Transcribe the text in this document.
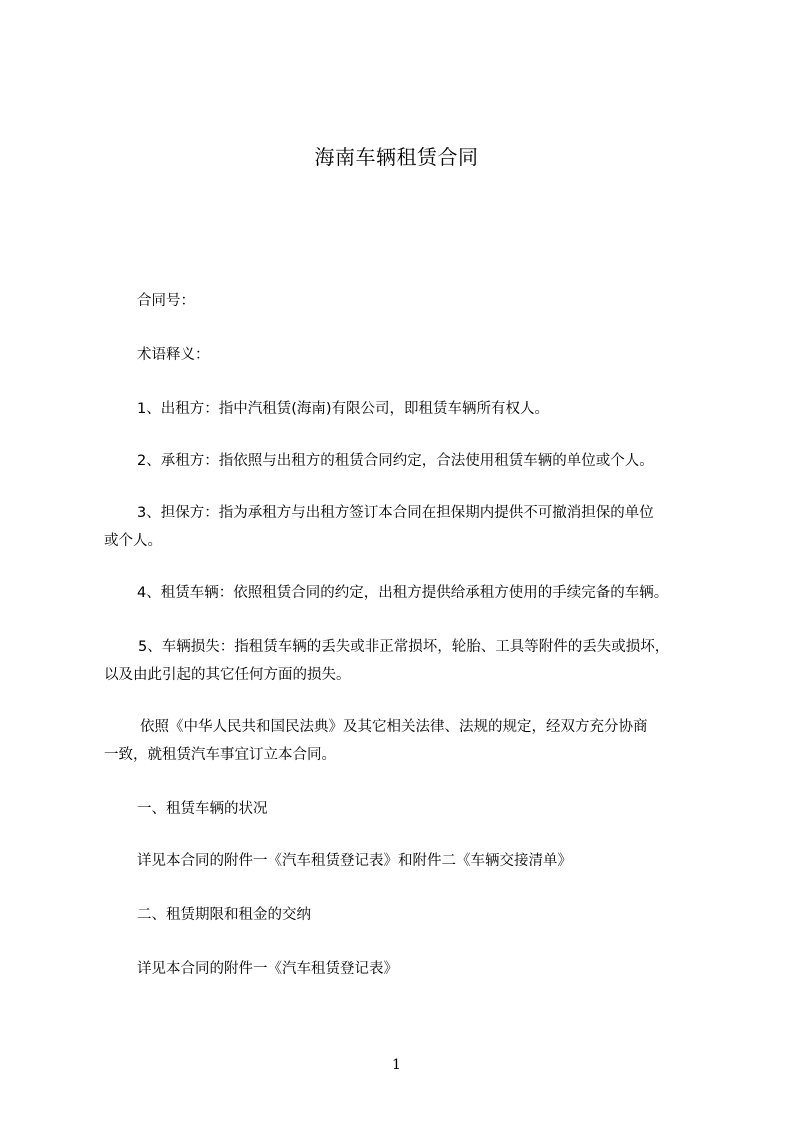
海南车辆租赁合同
合同号：
术语释义：
1、出租方：指中汽租赁(海南)有限公司，即租赁车辆所有权人。
2、承租方：指依照与出租方的租赁合同约定，合法使用租赁车辆的单位或个人。
3、担保方：指为承租方与出租方签订本合同在担保期内提供不可撤消担保的单位
或个人。
4、租赁车辆：依照租赁合同的约定，出租方提供给承租方使用的手续完备的车辆。
5、车辆损失：指租赁车辆的丢失或非正常损坏，轮胎、工具等附件的丢失或损坏，
以及由此引起的其它任何方面的损失。
依照《中华人民共和国民法典》及其它相关法律、法规的规定，经双方充分协商
一致，就租赁汽车事宜订立本合同。
一、租赁车辆的状况
详见本合同的附件一《汽车租赁登记表》和附件二《车辆交接清单》
二、租赁期限和租金的交纳
详见本合同的附件一《汽车租赁登记表》
1
